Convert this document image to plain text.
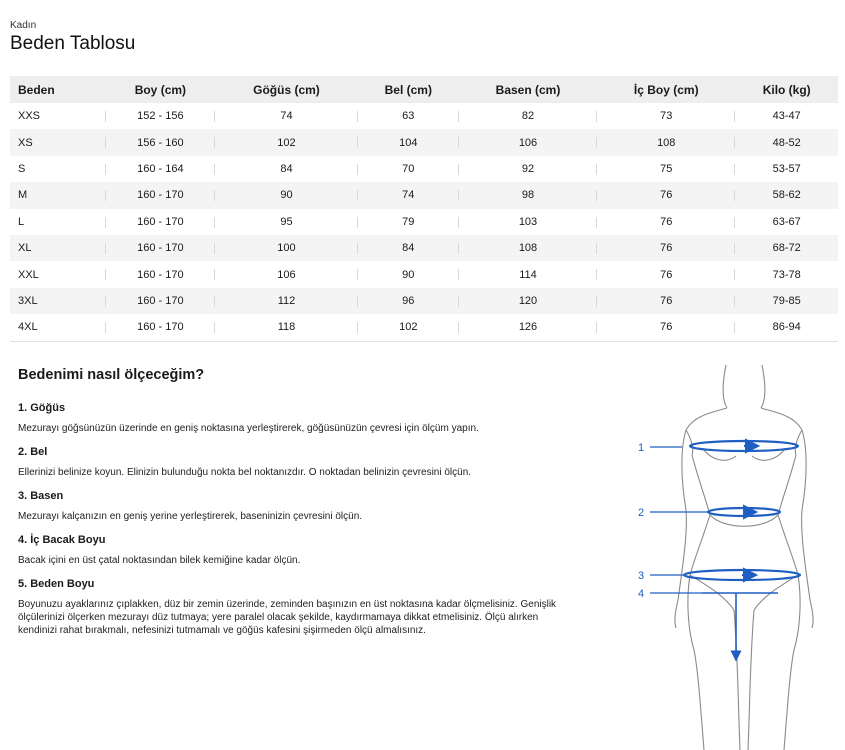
Kadın
Beden Tablosu
Beden	Boy (cm)	Göğüs (cm)	Bel (cm)	Basen (cm)	İç Boy (cm)	Kilo (kg)
XXS	152 - 156	74	63	82	73	43-47
XS	156 - 160	102	104	106	108	48-52
S	160 - 164	84	70	92	75	53-57
M	160 - 170	90	74	98	76	58-62
L	160 - 170	95	79	103	76	63-67
XL	160 - 170	100	84	108	76	68-72
XXL	160 - 170	106	90	114	76	73-78
3XL	160 - 170	112	96	120	76	79-85
4XL	160 - 170	118	102	126	76	86-94
Bedenimi nasıl ölçeceğim?
1. Göğüs

Mezurayı göğsünüzün üzerinde en geniş noktasına yerleştirerek, göğüsünüzün çevresi için ölçüm yapın.

2. Bel

Ellerinizi belinize koyun. Elinizin bulunduğu nokta bel noktanızdır. O noktadan belinizin çevresini ölçün.

3. Basen

Mezurayı kalçanızın en geniş yerine yerleştirerek, baseninizin çevresini ölçün.

4. İç Bacak Boyu

Bacak içini en üst çatal noktasından bilek kemiğine kadar ölçün.

5. Beden Boyu

Boyunuzu ayaklarınız çıplakken, düz bir zemin üzerinde, zeminden başınızın en üst noktasına kadar ölçmelisiniz. Genişlik ölçülerinizi ölçerken mezurayı düz tutmaya; yere paralel olacak şekilde, kaydırmamaya dikkat etmelisiniz. Ölçü alırken kendinizi rahat bırakmalı, nefesinizi tutmamalı ve göğüs kafesini şişirmeden ölçü almalısınız.

1
2
3
4
